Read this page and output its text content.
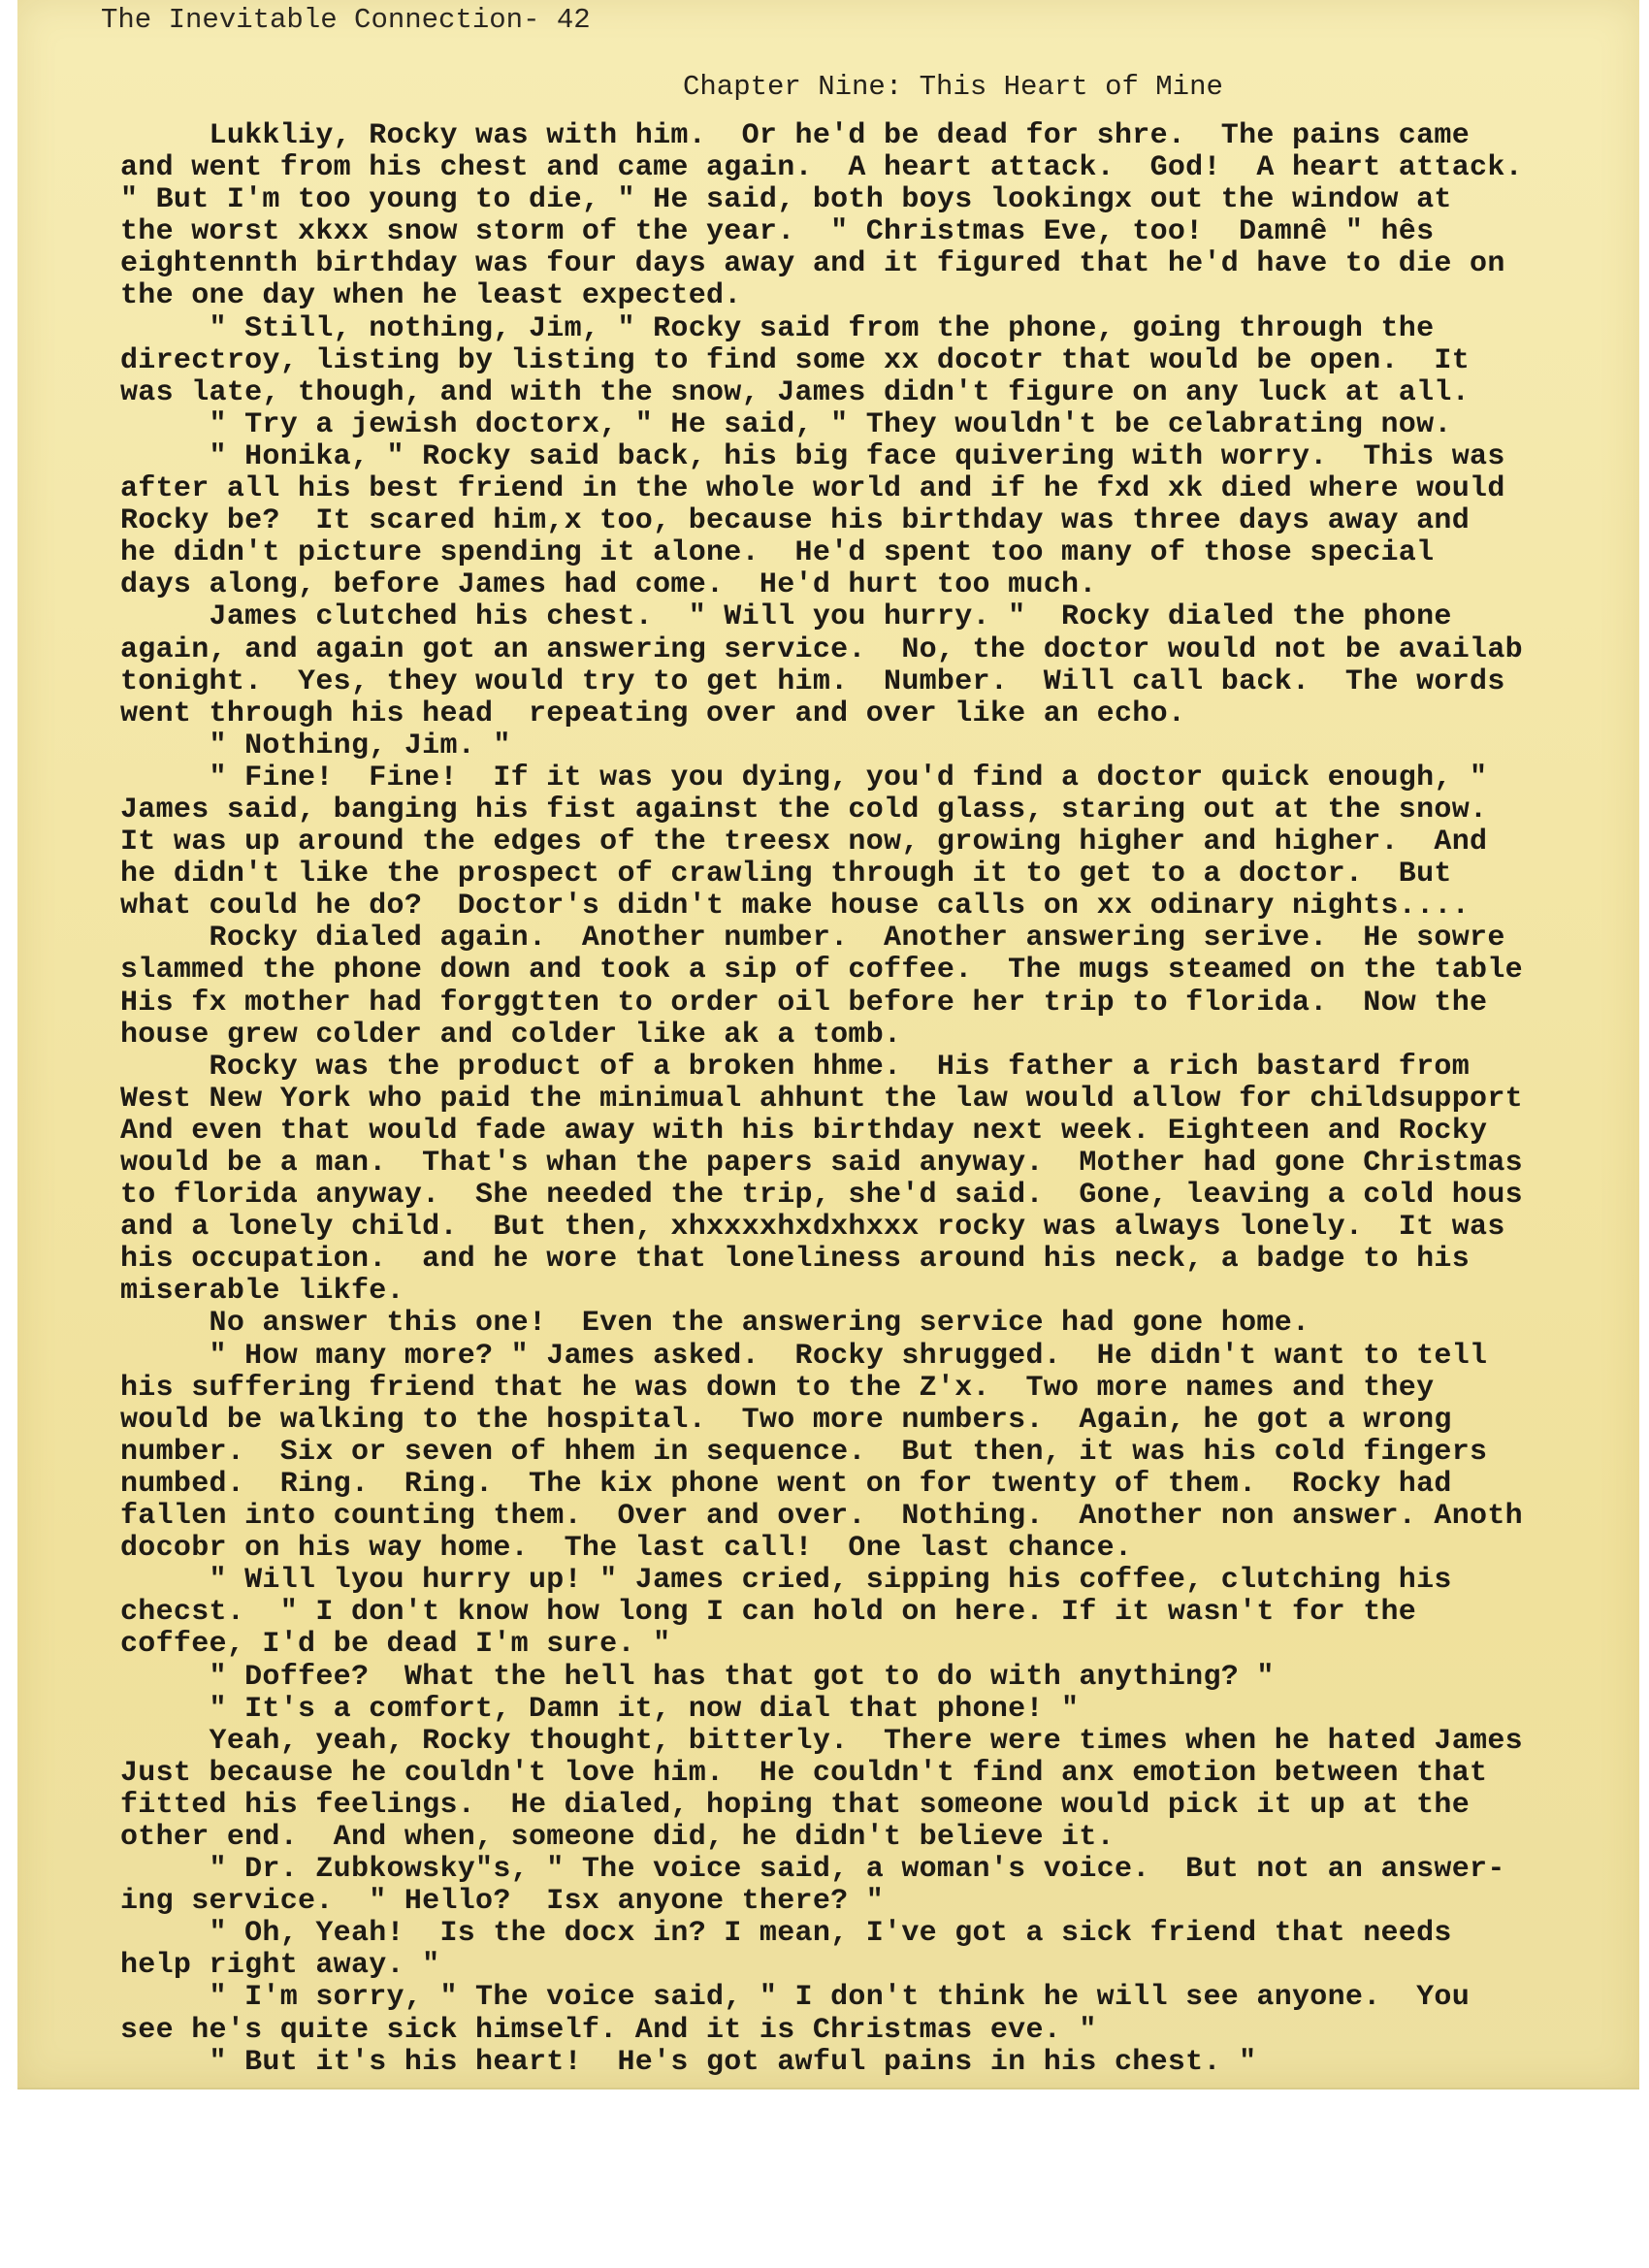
The Inevitable Connection- 42
Chapter Nine: This Heart of Mine
Lukkliy, Rocky was with him.  Or he'd be dead for shre.  The pains came
and went from his chest and came again.  A heart attack.  God!  A heart attack.
" But I'm too young to die, " He said, both boys lookingx out the window at
the worst xkxx snow storm of the year.  " Christmas Eve, too!  Damnê " hês
eightennth birthday was four days away and it figured that he'd have to die on
the one day when he least expected.
" Still, nothing, Jim, " Rocky said from the phone, going through the
directroy, listing by listing to find some xx docotr that would be open.  It
was late, though, and with the snow, James didn't figure on any luck at all.
" Try a jewish doctorx, " He said, " They wouldn't be celabrating now.
" Honika, " Rocky said back, his big face quivering with worry.  This was
after all his best friend in the whole world and if he fxd xk died where would
Rocky be?  It scared him,x too, because his birthday was three days away and
he didn't picture spending it alone.  He'd spent too many of those special
days along, before James had come.  He'd hurt too much.
James clutched his chest.  " Will you hurry. "  Rocky dialed the phone
again, and again got an answering service.  No, the doctor would not be availab
tonight.  Yes, they would try to get him.  Number.  Will call back.  The words
went through his head  repeating over and over like an echo.
" Nothing, Jim. "
" Fine!  Fine!  If it was you dying, you'd find a doctor quick enough, "
James said, banging his fist against the cold glass, staring out at the snow.
It was up around the edges of the treesx now, growing higher and higher.  And
he didn't like the prospect of crawling through it to get to a doctor.  But
what could he do?  Doctor's didn't make house calls on xx odinary nights....
Rocky dialed again.  Another number.  Another answering serive.  He sowre
slammed the phone down and took a sip of coffee.  The mugs steamed on the table
His fx mother had forggtten to order oil before her trip to florida.  Now the
house grew colder and colder like ak a tomb.
Rocky was the product of a broken hhme.  His father a rich bastard from
West New York who paid the minimual ahhunt the law would allow for childsupport
And even that would fade away with his birthday next week. Eighteen and Rocky
would be a man.  That's whan the papers said anyway.  Mother had gone Christmas
to florida anyway.  She needed the trip, she'd said.  Gone, leaving a cold hous
and a lonely child.  But then, xhxxxxhxdxhxxx rocky was always lonely.  It was
his occupation.  and he wore that loneliness around his neck, a badge to his
miserable likfe.
No answer this one!  Even the answering service had gone home.
" How many more? " James asked.  Rocky shrugged.  He didn't want to tell
his suffering friend that he was down to the Z'x.  Two more names and they
would be walking to the hospital.  Two more numbers.  Again, he got a wrong
number.  Six or seven of hhem in sequence.  But then, it was his cold fingers
numbed.  Ring.  Ring.  The kix phone went on for twenty of them.  Rocky had
fallen into counting them.  Over and over.  Nothing.  Another non answer. Anoth
docobr on his way home.  The last call!  One last chance.
" Will lyou hurry up! " James cried, sipping his coffee, clutching his
checst.  " I don't know how long I can hold on here. If it wasn't for the
coffee, I'd be dead I'm sure. "
" Doffee?  What the hell has that got to do with anything? "
" It's a comfort, Damn it, now dial that phone! "
Yeah, yeah, Rocky thought, bitterly.  There were times when he hated James
Just because he couldn't love him.  He couldn't find anx emotion between that
fitted his feelings.  He dialed, hoping that someone would pick it up at the
other end.  And when, someone did, he didn't believe it.
" Dr. Zubkowsky"s, " The voice said, a woman's voice.  But not an answer-
ing service.  " Hello?  Isx anyone there? "
" Oh, Yeah!  Is the docx in? I mean, I've got a sick friend that needs
help right away. "
" I'm sorry, " The voice said, " I don't think he will see anyone.  You
see he's quite sick himself. And it is Christmas eve. "
" But it's his heart!  He's got awful pains in his chest. "
